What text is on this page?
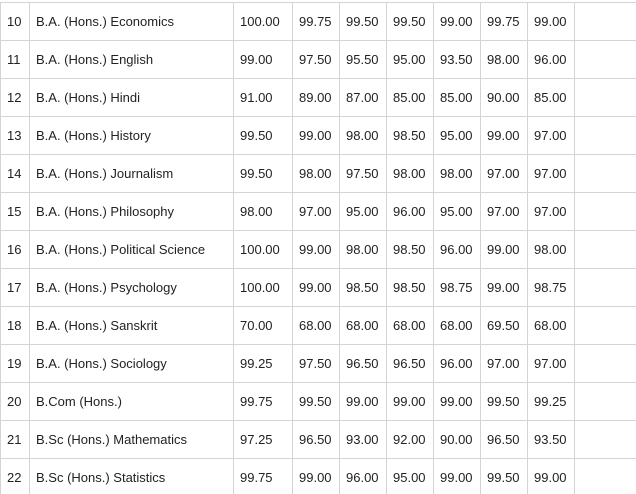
10	B.A. (Hons.) Economics	100.00	99.75	99.50	99.50	99.00	99.75	99.00	
11	B.A. (Hons.) English	99.00	97.50	95.50	95.00	93.50	98.00	96.00	
12	B.A. (Hons.) Hindi	91.00	89.00	87.00	85.00	85.00	90.00	85.00	
13	B.A. (Hons.) History	99.50	99.00	98.00	98.50	95.00	99.00	97.00	
14	B.A. (Hons.) Journalism	99.50	98.00	97.50	98.00	98.00	97.00	97.00	
15	B.A. (Hons.) Philosophy	98.00	97.00	95.00	96.00	95.00	97.00	97.00	
16	B.A. (Hons.) Political Science	100.00	99.00	98.00	98.50	96.00	99.00	98.00	
17	B.A. (Hons.) Psychology	100.00	99.00	98.50	98.50	98.75	99.00	98.75	
18	B.A. (Hons.) Sanskrit	70.00	68.00	68.00	68.00	68.00	69.50	68.00	
19	B.A. (Hons.) Sociology	99.25	97.50	96.50	96.50	96.00	97.00	97.00	
20	B.Com (Hons.)	99.75	99.50	99.00	99.00	99.00	99.50	99.25	
21	B.Sc (Hons.) Mathematics	97.25	96.50	93.00	92.00	90.00	96.50	93.50	
22	B.Sc (Hons.) Statistics	99.75	99.00	96.00	95.00	99.00	99.50	99.00	
